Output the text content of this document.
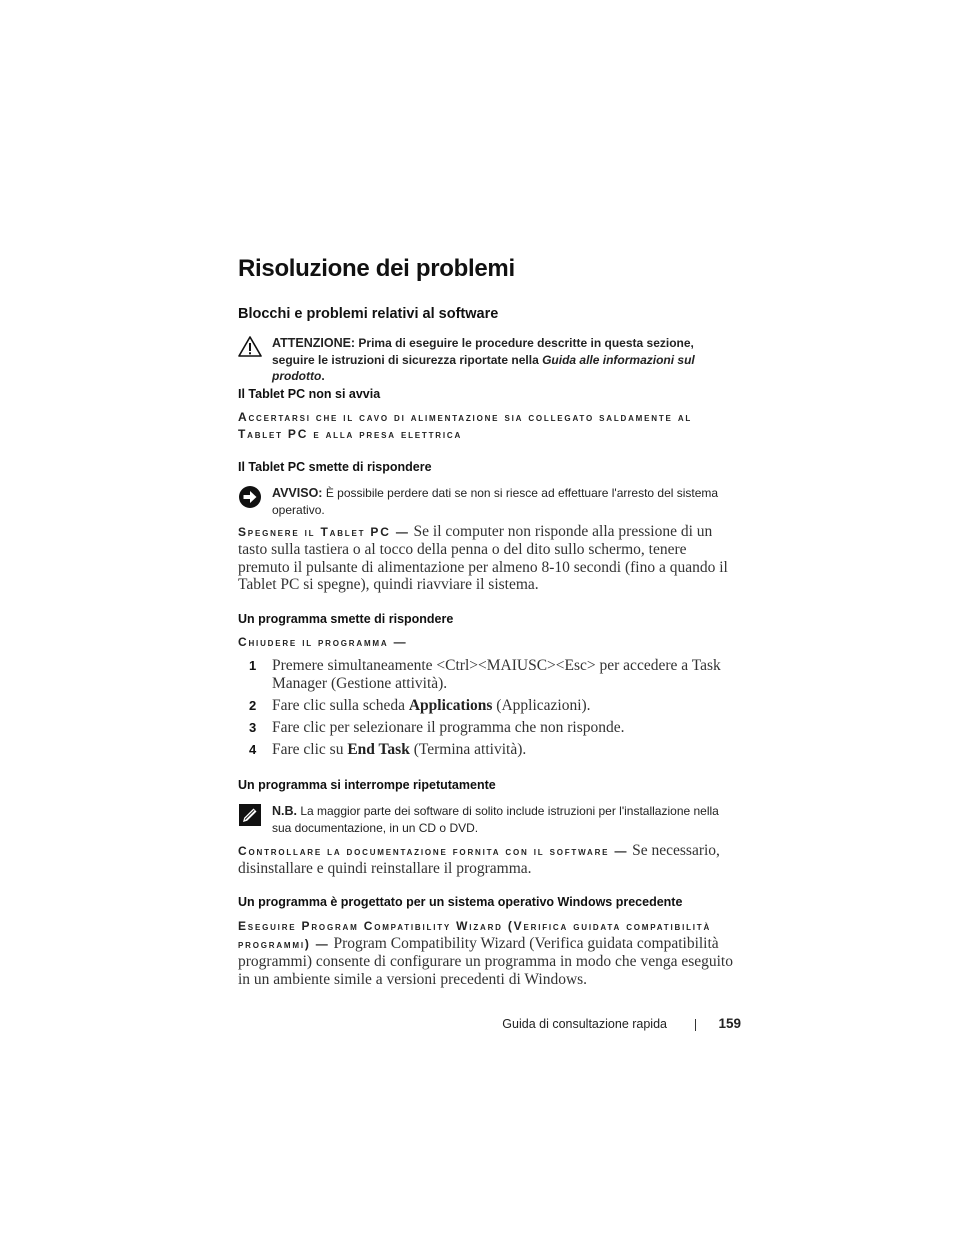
Risoluzione dei problemi
Blocchi e problemi relativi al software
ATTENZIONE: Prima di eseguire le procedure descritte in questa sezione, seguire le istruzioni di sicurezza riportate nella Guida alle informazioni sul prodotto.
Il Tablet PC non si avvia
Accertarsi che il cavo di alimentazione sia collegato saldamente al Tablet PC e alla presa elettrica
Il Tablet PC smette di rispondere
AVVISO: È possibile perdere dati se non si riesce ad effettuare l'arresto del sistema operativo.
Spegnere il Tablet PC — Se il computer non risponde alla pressione di un tasto sulla tastiera o al tocco della penna o del dito sullo schermo, tenere premuto il pulsante di alimentazione per almeno 8-10 secondi (fino a quando il Tablet PC si spegne), quindi riavviare il sistema.
Un programma smette di rispondere
Chiudere il programma —
1 Premere simultaneamente <Ctrl><MAIUSC><Esc> per accedere a Task Manager (Gestione attività).
2 Fare clic sulla scheda Applications (Applicazioni).
3 Fare clic per selezionare il programma che non risponde.
4 Fare clic su End Task (Termina attività).
Un programma si interrompe ripetutamente
N.B. La maggior parte dei software di solito include istruzioni per l'installazione nella sua documentazione, in un CD o DVD.
Controllare la documentazione fornita con il software — Se necessario, disinstallare e quindi reinstallare il programma.
Un programma è progettato per un sistema operativo Windows precedente
Eseguire Program Compatibility Wizard (Verifica guidata compatibilità programmi) — Program Compatibility Wizard (Verifica guidata compatibilità programmi) consente di configurare un programma in modo che venga eseguito in un ambiente simile a versioni precedenti di Windows.
Guida di consultazione rapida	159
